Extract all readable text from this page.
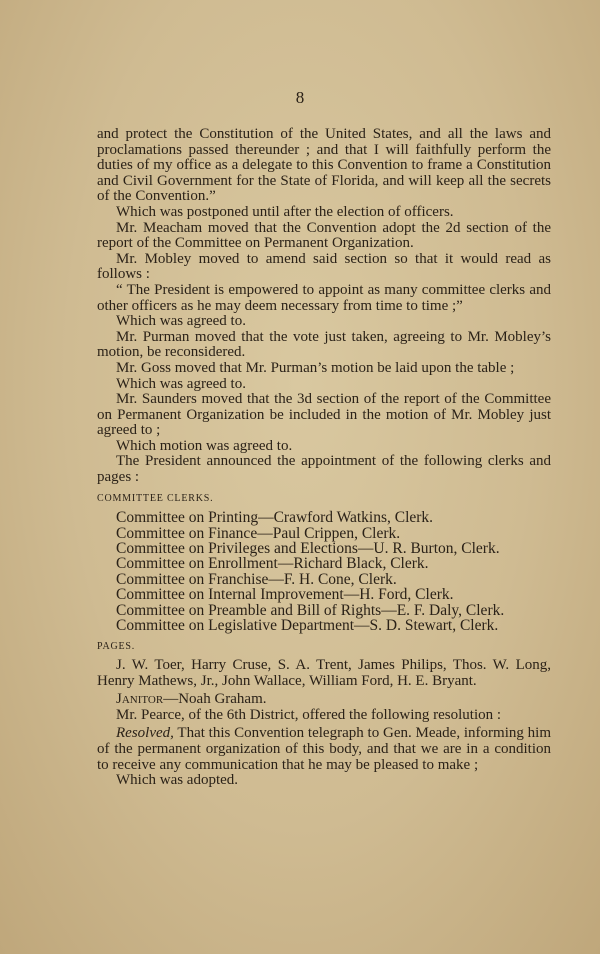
8

and protect the Constitution of the United States, and all the laws and proclamations passed thereunder ; and that I will faithfully perform the duties of my office as a delegate to this Convention to frame a Constitution and Civil Government for the State of Florida, and will keep all the secrets of the Convention.”

Which was postponed until after the election of officers.

Mr. Meacham moved that the Convention adopt the 2d section of the report of the Committee on Permanent Organization.

Mr. Mobley moved to amend said section so that it would read as follows :

“ The President is empowered to appoint as many committee clerks and other officers as he may deem necessary from time to time ;”

Which was agreed to.

Mr. Purman moved that the vote just taken, agreeing to Mr. Mobley’s motion, be reconsidered.

Mr. Goss moved that Mr. Purman’s motion be laid upon the table ;

Which was agreed to.

Mr. Saunders moved that the 3d section of the report of the Committee on Permanent Organization be included in the motion of Mr. Mobley just agreed to ;

Which motion was agreed to.

The President announced the appointment of the following clerks and pages :

COMMITTEE CLERKS.

Committee on Printing—Crawford Watkins, Clerk.

Committee on Finance—Paul Crippen, Clerk.

Committee on Privileges and Elections—U. R. Burton, Clerk.

Committee on Enrollment—Richard Black, Clerk.

Committee on Franchise—F. H. Cone, Clerk.

Committee on Internal Improvement—H. Ford, Clerk.

Committee on Preamble and Bill of Rights—E. F. Daly, Clerk.

Committee on Legislative Department—S. D. Stewart, Clerk.

PAGES.

J. W. Toer, Harry Cruse, S. A. Trent, James Philips, Thos. W. Long, Henry Mathews, Jr., John Wallace, William Ford, H. E. Bryant.

Janitor—Noah Graham.

Mr. Pearce, of the 6th District, offered the following resolution :

Resolved, That this Convention telegraph to Gen. Meade, informing him of the permanent organization of this body, and that we are in a condition to receive any communication that he may be pleased to make ;

Which was adopted.
